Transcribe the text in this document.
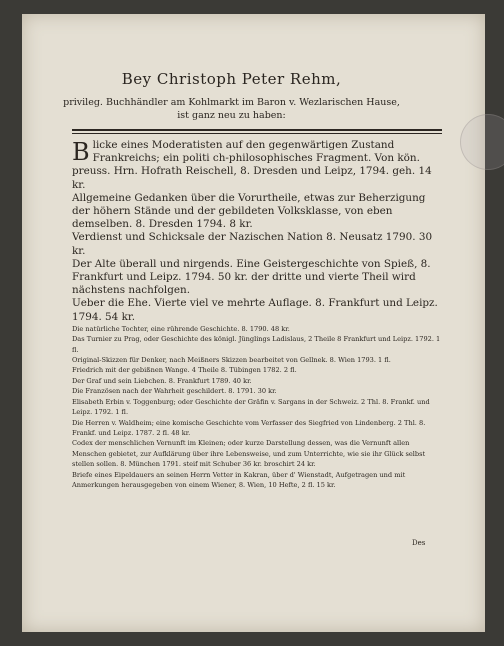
Bey Christoph Peter Rehm,
privileg. Buchhändler am Kohlmarkt im Baron v. Wezlarischen Hause,
ist ganz neu zu haben:

Blicke eines Moderatisten auf den gegenwärtigen Zustand Frankreichs; ein politi ch-philosophisches Fragment. Von kön. preuss. Hrn. Hofrath Reischell, 8. Dresden und Leipz, 1794. geh. 14 kr.

Allgemeine Gedanken über die Vorurtheile, etwas zur Beherzigung der höhern Stände und der gebildeten Volksklasse, von eben demselben. 8. Dresden 1794. 8 kr.

Verdienst und Schicksale der Nazischen Nation 8. Neusatz 1790. 30 kr.

Der Alte überall und nirgends. Eine Geistergeschichte von Spieß, 8. Frankfurt und Leipz. 1794. 50 kr. der dritte und vierte Theil wird nächstens nachfolgen.

Ueber die Ehe. Vierte viel ve mehrte Auflage. 8. Frankfurt und Leipz. 1794. 54 kr.

Die natürliche Tochter, eine rührende Geschichte. 8. 1790. 48 kr.

Das Turnier zu Prag, oder Geschichte des königl. Jünglings Ladislaus, 2 Theile 8 Frankfurt und Leipz. 1792. 1 fl.

Original-Skizzen für Denker, nach Meißners Skizzen bearbeitet von Gellnek. 8. Wien 1793. 1 fl.

Friedrich mit der gebißnen Wange. 4 Theile 8. Tübingen 1782. 2 fl.

Der Graf und sein Liebchen. 8. Frankfurt 1789. 40 kr.

Die Französen nach der Wahrheit geschildert. 8. 1791. 30 kr.

Elisabeth Erbin v. Toggenburg; oder Geschichte der Gräfin v. Sargans in der Schweiz. 2 Thl. 8. Frankf. und Leipz. 1792. 1 fl.

Die Herren v. Waldheim; eine komische Geschichte vom Verfasser des Siegfried von Lindenberg. 2 Thl. 8. Frankf. und Leipz. 1787. 2 fl. 48 kr.

Codex der menschlichen Vernunft im Kleinen; oder kurze Darstellung dessen, was die Vernunft allen Menschen gebietet, zur Aufklärung über ihre Lebensweise, und zum Unterrichte, wie sie ihr Glück selbst stellen sollen. 8. München 1791. steif mit Schuber 36 kr. broschirt 24 kr.

Briefe eines Eipeldauers an seinen Herrn Vetter in Kakran, über d' Wienstadt, Aufgetragen und mit Anmerkungen herausgegeben von einem Wiener, 8. Wien, 10 Hefte, 2 fl. 15 kr.

Des
